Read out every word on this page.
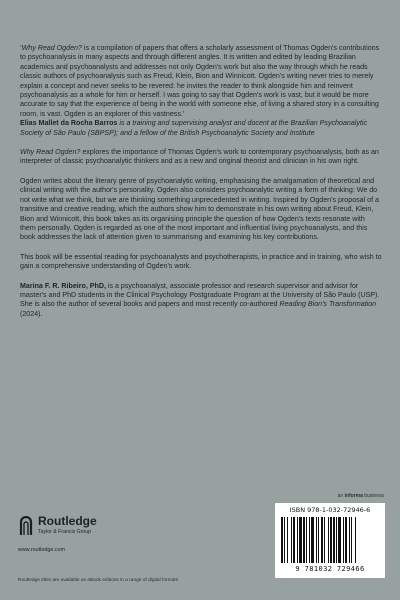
‘Why Read Ogden? is a compilation of papers that offers a scholarly assessment of Thomas Ogden's contributions to psychoanalysis in many aspects and through different angles. It is written and edited by leading Brazilian academics and psychoanalysts and addresses not only Ogden's work but also the way through which he reads classic authors of psychoanalysis such as Freud, Klein, Bion and Winnicott. Ogden's writing never tries to merely explain a concept and never seeks to be revered: he invites the reader to think alongside him and reinvent psychoanalysis as a whole for him or herself. I was going to say that Ogden's work is vast, but it would be more accurate to say that the experience of being in the world with someone else, of living a shared story in a consulting room, is vast. Ogden is an explorer of this vastness.'

Elias Mallet da Rocha Barros is a training and supervising analyst and docent at the Brazilian Psychoanalytic Society of São Paulo (SBPSP); and a fellow of the British Psychoanalytic Society and Institute

Why Read Ogden? explores the importance of Thomas Ogden's work to contemporary psychoanalysis, both as an interpreter of classic psychoanalytic thinkers and as a new and original theorist and clinician in his own right.

Ogden writes about the literary genre of psychoanalytic writing, emphasising the amalgamation of theoretical and clinical writing with the author's personality. Ogden also considers psychoanalytic writing a form of thinking: We do not write what we think, but we are thinking something unprecedented in writing. Inspired by Ogden's proposal of a transitive and creative reading, which the authors show him to demonstrate in his own writing about Freud, Klein, Bion and Winnicott, this book takes as its organising principle the question of how Ogden's texts resonate with them personally. Ogden is regarded as one of the most important and influential living psychoanalysts, and this book addresses the lack of attention given to summarising and examining his key contributions.

This book will be essential reading for psychoanalysts and psychotherapists, in practice and in training, who wish to gain a comprehensive understanding of Ogden's work.

Marina F. R. Ribeiro, PhD, is a psychoanalyst, associate professor and research supervisor and advisor for master's and PhD students in the Clinical Psychology Postgraduate Program at the University of São Paulo (USP). She is also the author of several books and papers and most recently co-authored Reading Bion's Transformation (2024).

an informa business
Routledge
Taylor & Francis Group
www.routledge.com
Routledge titles are available as eBook editions in a range of digital formats
ISBN 978-1-032-72946-6
9 781032 729466
